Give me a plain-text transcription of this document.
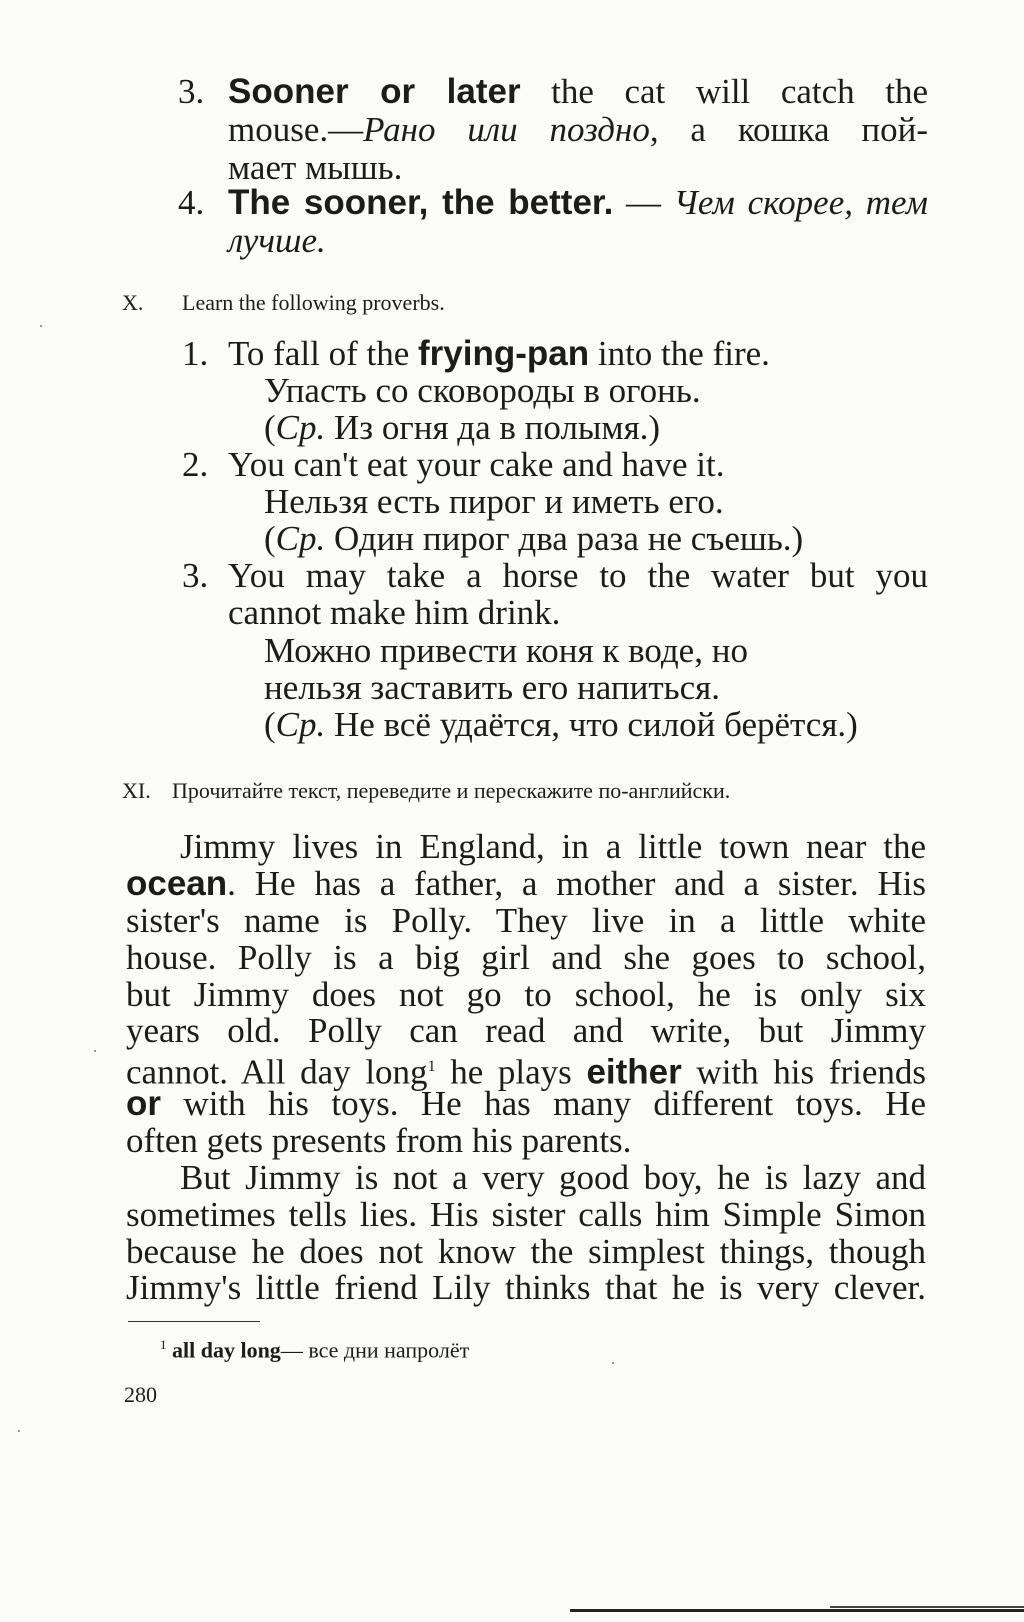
3. Sooner or later the cat will catch the
mouse.—Рано или поздно, а кошка пой-
мает мышь.
4. The sooner, the better. — Чем скорее, тем
лучше.
X. Learn the following proverbs.
1. To fall of the frying-pan into the fire.
Упасть со сковороды в огонь.
(Ср. Из огня да в полымя.)
2. You can't eat your cake and have it.
Нельзя есть пирог и иметь его.
(Ср. Один пирог два раза не съешь.)
3. You may take a horse to the water but you
cannot make him drink.
Можно привести коня к воде, но
нельзя заставить его напиться.
(Ср. Не всё удаётся, что силой берётся.)
XI. Прочитайте текст, переведите и перескажите по-английски.
Jimmy lives in England, in a little town near the
ocean. He has a father, a mother and a sister. His
sister's name is Polly. They live in a little white
house. Polly is a big girl and she goes to school,
but Jimmy does not go to school, he is only six
years old. Polly can read and write, but Jimmy
cannot. All day long$^1$ he plays either with his friends
or with his toys. He has many different toys. He
often gets presents from his parents.
But Jimmy is not a very good boy, he is lazy and
sometimes tells lies. His sister calls him Simple Simon
because he does not know the simplest things, though
Jimmy's little friend Lily thinks that he is very clever.
$^1$ all day long— все дни напролёт
280
